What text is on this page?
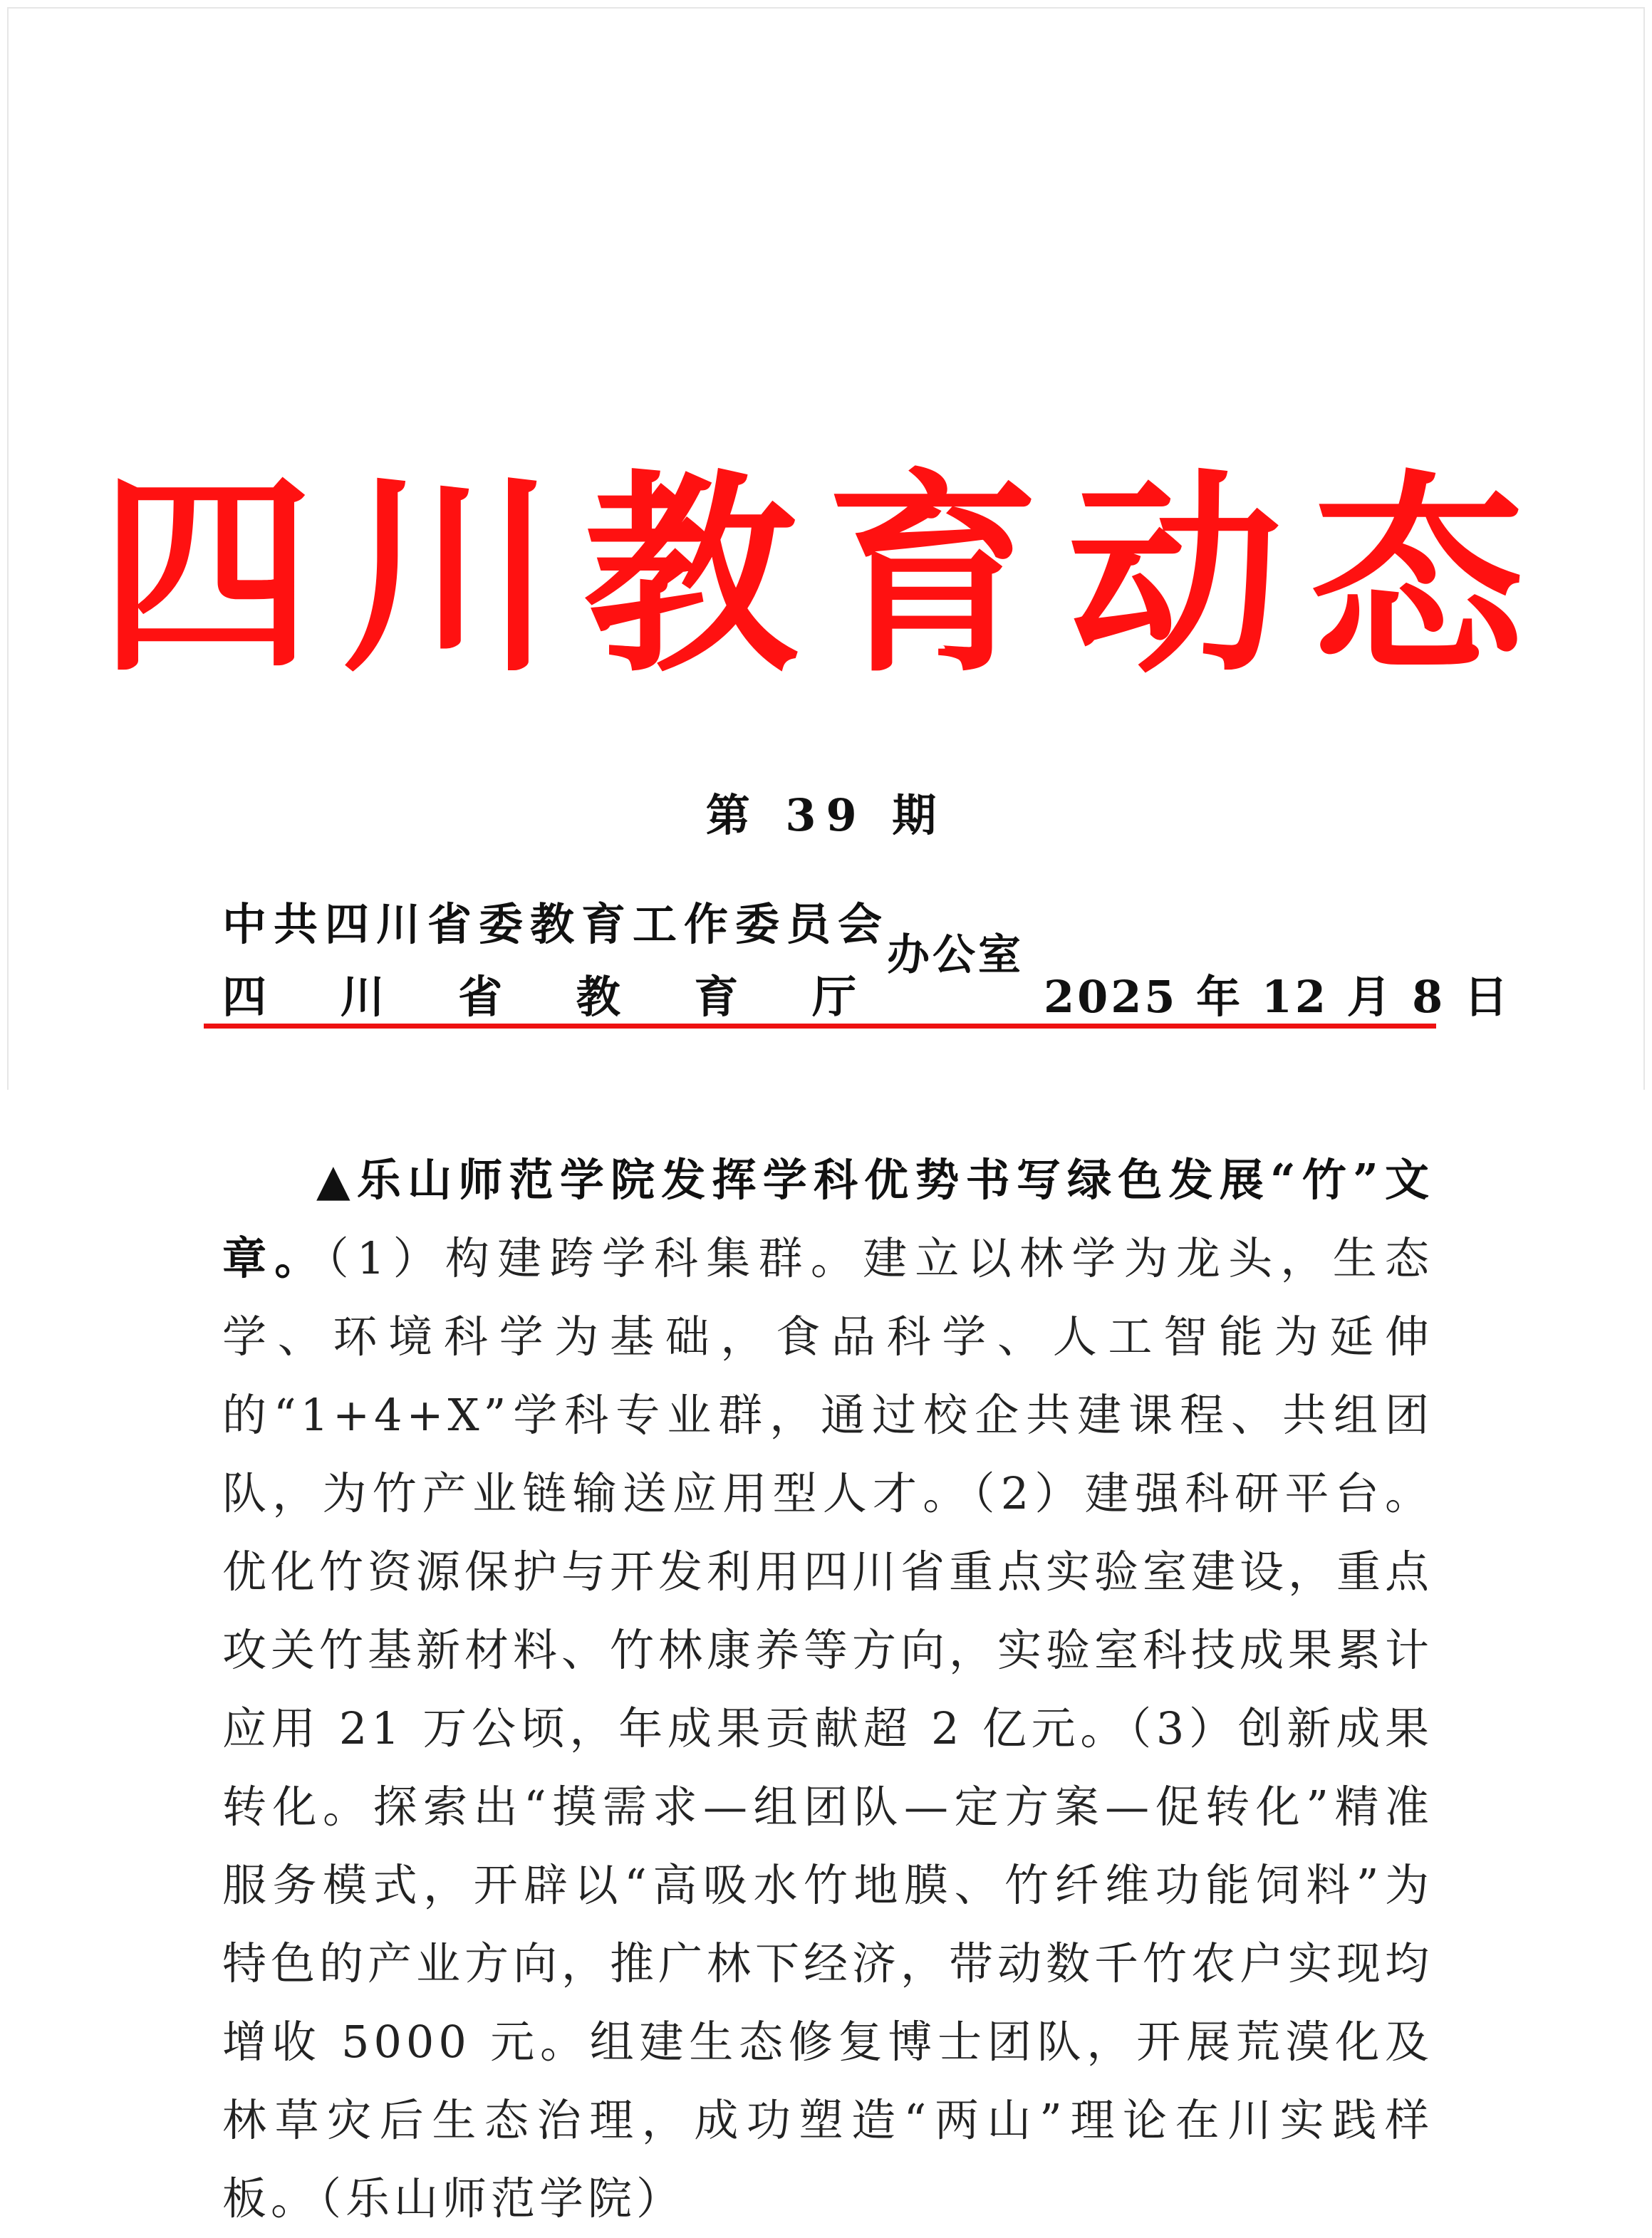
四川教育动态
第 39 期
中共四川省委教育工作委员会
四 川 省 教 育 厅
办公室
2025 年 12 月 8 日

▲乐山师范学院发挥学科优势书写绿色发展“竹”文章。（1）构建跨学科集群。建立以林学为龙头，生态学、环境科学为基础，食品科学、人工智能为延伸的“1+4+X”学科专业群，通过校企共建课程、共组团队，为竹产业链输送应用型人才。（2）建强科研平台。优化竹资源保护与开发利用四川省重点实验室建设，重点攻关竹基新材料、竹林康养等方向，实验室科技成果累计应用 21 万公顷，年成果贡献超 2 亿元。（3）创新成果转化。探索出“摸需求—组团队—定方案—促转化”精准服务模式，开辟以“高吸水竹地膜、竹纤维功能饲料”为特色的产业方向，推广林下经济，带动数千竹农户实现均增收 5000 元。组建生态修复博士团队，开展荒漠化及林草灾后生态治理，成功塑造“两山”理论在川实践样板。（乐山师范学院）
